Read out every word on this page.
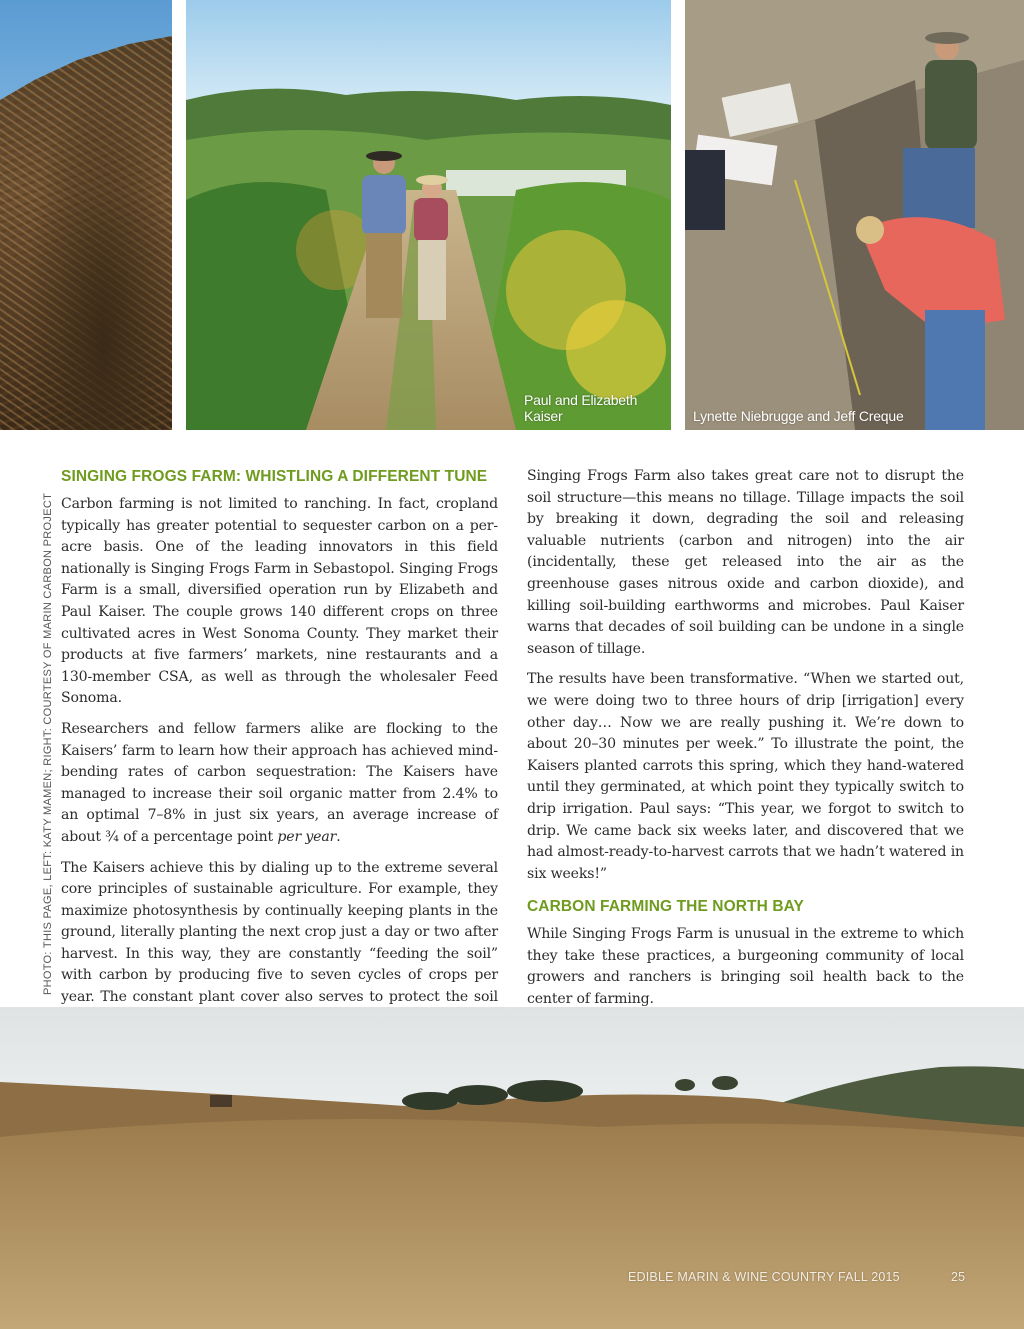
Paul and Elizabeth Kaiser	Lynette Niebrugge and Jeff Creque
PHOTO: THIS PAGE, LEFT: KATY MAMEN; RIGHT: COURTESY OF MARIN CARBON PROJECT
SINGING FROGS FARM: WHISTLING A DIFFERENT TUNE

Carbon farming is not limited to ranching. In fact, cropland typically has greater potential to sequester carbon on a per-acre basis. One of the leading innovators in this field nationally is Singing Frogs Farm in Sebastopol. Singing Frogs Farm is a small, diversified operation run by Elizabeth and Paul Kaiser. The couple grows 140 different crops on three cultivated acres in West Sonoma County. They market their products at five farmers’ markets, nine restaurants and a 130-member CSA, as well as through the wholesaler Feed Sonoma.

Researchers and fellow farmers alike are flocking to the Kaisers’ farm to learn how their approach has achieved mind-bending rates of carbon sequestration: The Kaisers have managed to increase their soil organic matter from 2.4% to an optimal 7–8% in just six years, an average increase of about ¾ of a percentage point per year.

The Kaisers achieve this by dialing up to the extreme several core principles of sustainable agriculture. For example, they maximize photosynthesis by continually keeping plants in the ground, literally planting the next crop just a day or two after harvest. In this way, they are constantly “feeding the soil” with carbon by producing five to seven cycles of crops per year. The constant plant cover also serves to protect the soil

Singing Frogs Farm also takes great care not to disrupt the soil structure—this means no tillage. Tillage impacts the soil by breaking it down, degrading the soil and releasing valuable nutrients (carbon and nitrogen) into the air (incidentally, these get released into the air as the greenhouse gases nitrous oxide and carbon dioxide), and killing soil-building earthworms and microbes. Paul Kaiser warns that decades of soil building can be undone in a single season of tillage.

The results have been transformative. “When we started out, we were doing two to three hours of drip [irrigation] every other day… Now we are really pushing it. We’re down to about 20–30 minutes per week.” To illustrate the point, the Kaisers planted carrots this spring, which they hand-watered until they germinated, at which point they typically switch to drip irrigation. Paul says: “This year, we forgot to switch to drip. We came back six weeks later, and discovered that we had almost-ready-to-harvest carrots that we hadn’t watered in six weeks!”

CARBON FARMING THE NORTH BAY

While Singing Frogs Farm is unusual in the extreme to which they take these practices, a burgeoning community of local growers and ranchers is bringing soil health back to the center of farming.

EDIBLE MARIN & WINE COUNTRY FALL 2015	25
